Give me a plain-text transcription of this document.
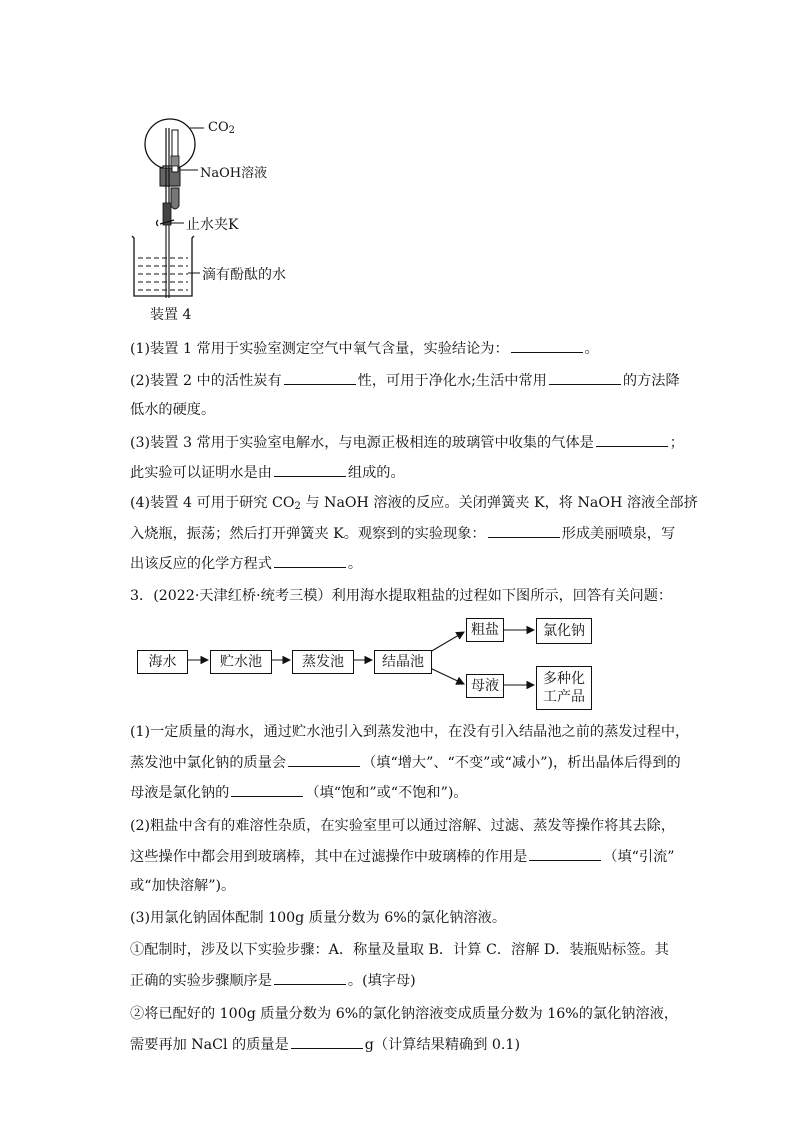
$CO_2$
NaOH溶液
止水夹K
滴有酚酞的水
装置 4
(1)装置 1 常用于实验室测定空气中氧气含量，实验结论为：	。
(2)装置 2 中的活性炭有	性，可用于净化水;生活中常用	的方法降
低水的硬度。
(3)装置 3 常用于实验室电解水，与电源正极相连的玻璃管中收集的气体是	；
此实验可以证明水是由	组成的。
(4)装置 4 可用于研究 $CO_2$ 与 NaOH 溶液的反应。关闭弹簧夹 K，将 NaOH 溶液全部挤
入烧瓶，振荡；然后打开弹簧夹 K。观察到的实验现象：	形成美丽喷泉，写
出该反应的化学方程式	。
3．(2022·天津红桥·统考三模）利用海水提取粗盐的过程如下图所示，回答有关问题：
海水	贮水池	蒸发池	结晶池
粗盐	氯化钠
母液	多种化
工产品
(1)一定质量的海水，通过贮水池引入到蒸发池中，在没有引入结晶池之前的蒸发过程中，
蒸发池中氯化钠的质量会	（填“增大”、“不变”或“减小”)，析出晶体后得到的
母液是氯化钠的	（填“饱和”或“不饱和”)。
(2)粗盐中含有的难溶性杂质，在实验室里可以通过溶解、过滤、蒸发等操作将其去除，
这些操作中都会用到玻璃棒，其中在过滤操作中玻璃棒的作用是	（填“引流”
或“加快溶解”)。
(3)用氯化钠固体配制 100g 质量分数为 6%的氯化钠溶液。
①配制时，涉及以下实验步骤：A．称量及量取 B．计算 C．溶解 D．装瓶贴标签。其
正确的实验步骤顺序是	。(填字母)
②将已配好的 100g 质量分数为 6%的氯化钠溶液变成质量分数为 16%的氯化钠溶液，
需要再加 NaCl 的质量是	g（计算结果精确到 0.1)
